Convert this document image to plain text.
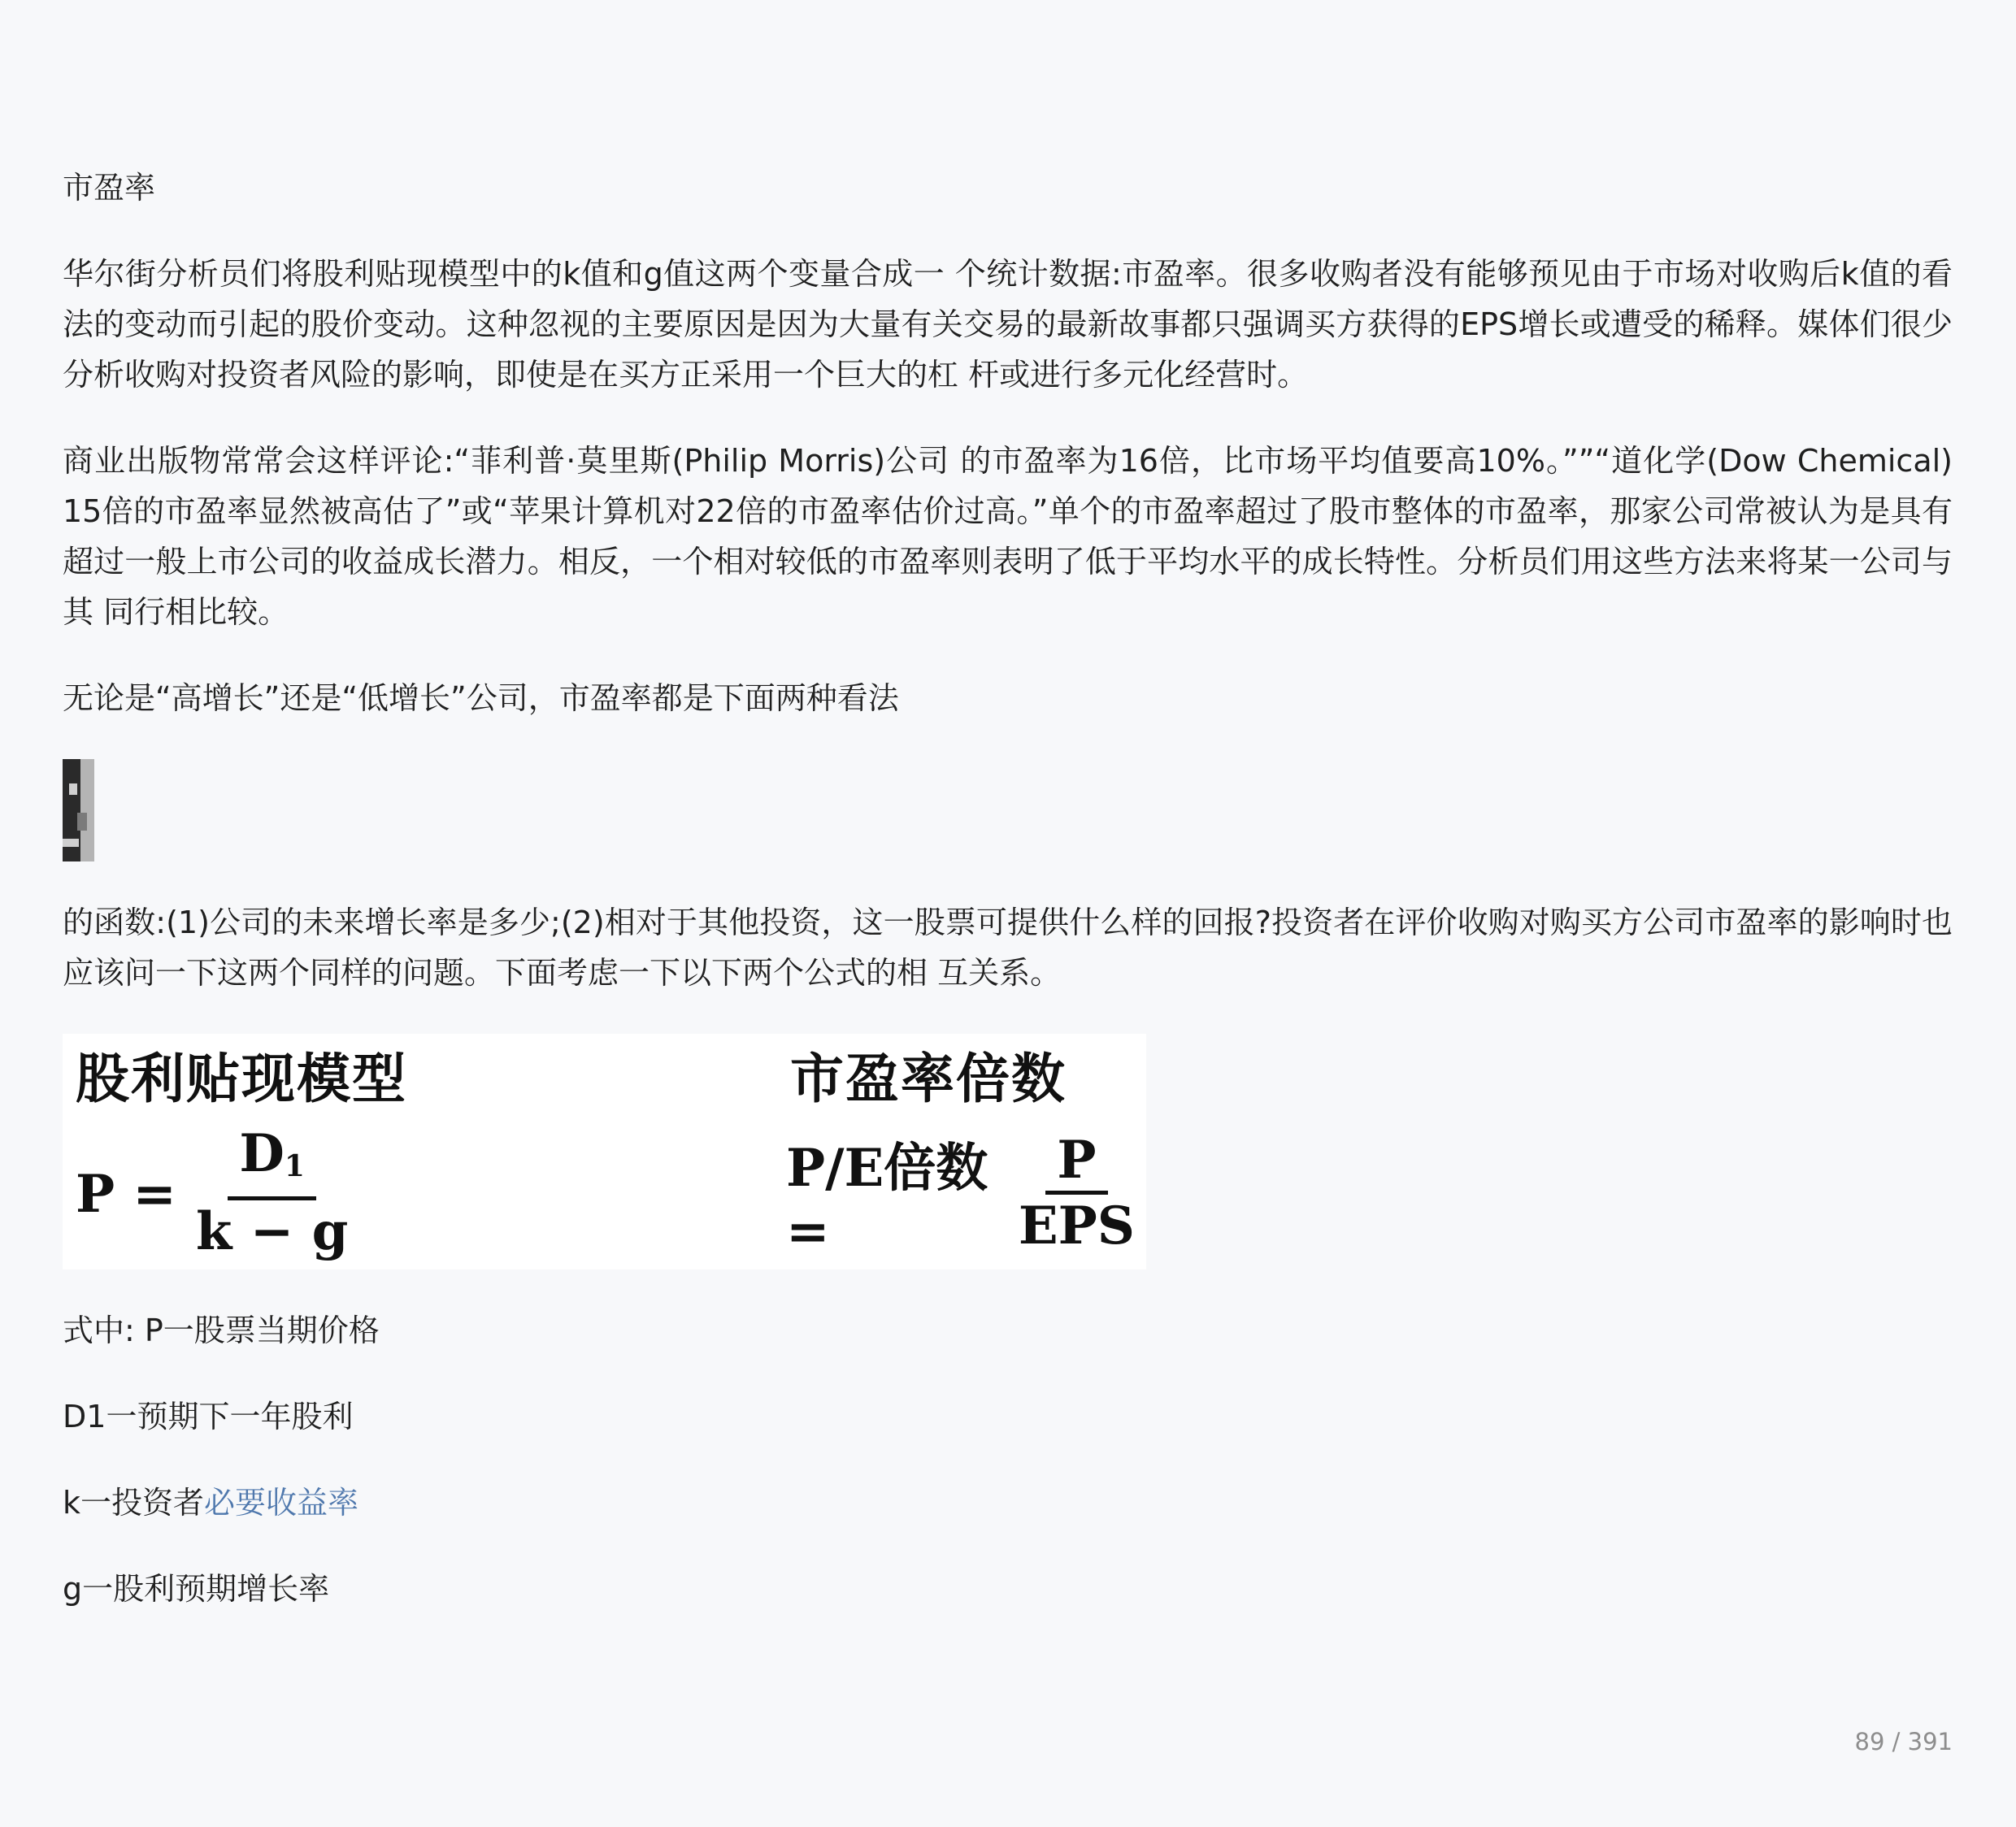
市盈率

华尔街分析员们将股利贴现模型中的k值和g值这两个变量合成一 个统计数据:市盈率。很多收购者没有能够预见由于市场对收购后k值的看法的变动而引起的股价变动。这种忽视的主要原因是因为大量有关交易的最新故事都只强调买方获得的EPS增长或遭受的稀释。媒体们很少分析收购对投资者风险的影响，即使是在买方正采用一个巨大的杠 杆或进行多元化经营时。

商业出版物常常会这样评论:“菲利普·莫里斯(Philip Morris)公司 的市盈率为16倍，比市场平均值要高10%。””“道化学(Dow Chemical) 15倍的市盈率显然被高估了”或“苹果计算机对22倍的市盈率估价过高。”单个的市盈率超过了股市整体的市盈率，那家公司常被认为是具有超过一般上市公司的收益成长潜力。相反，一个相对较低的市盈率则表明了低于平均水平的成长特性。分析员们用这些方法来将某一公司与其 同行相比较。

无论是“高增长”还是“低增长”公司，市盈率都是下面两种看法

的函数:(1)公司的未来增长率是多少;(2)相对于其他投资，这一股票可提供什么样的回报?投资者在评价收购对购买方公司市盈率的影响时也应该问一下这两个同样的问题。下面考虑一下以下两个公式的相 互关系。

股利贴现模型	市盈率倍数
$P = \frac{D1}{k - g}$	P/E倍数 =	$\frac{P}{\text{EPS}}$

式中: P一股票当期价格

D1一预期下一年股利

k一投资者必要收益率

g一股利预期增长率

89 / 391
